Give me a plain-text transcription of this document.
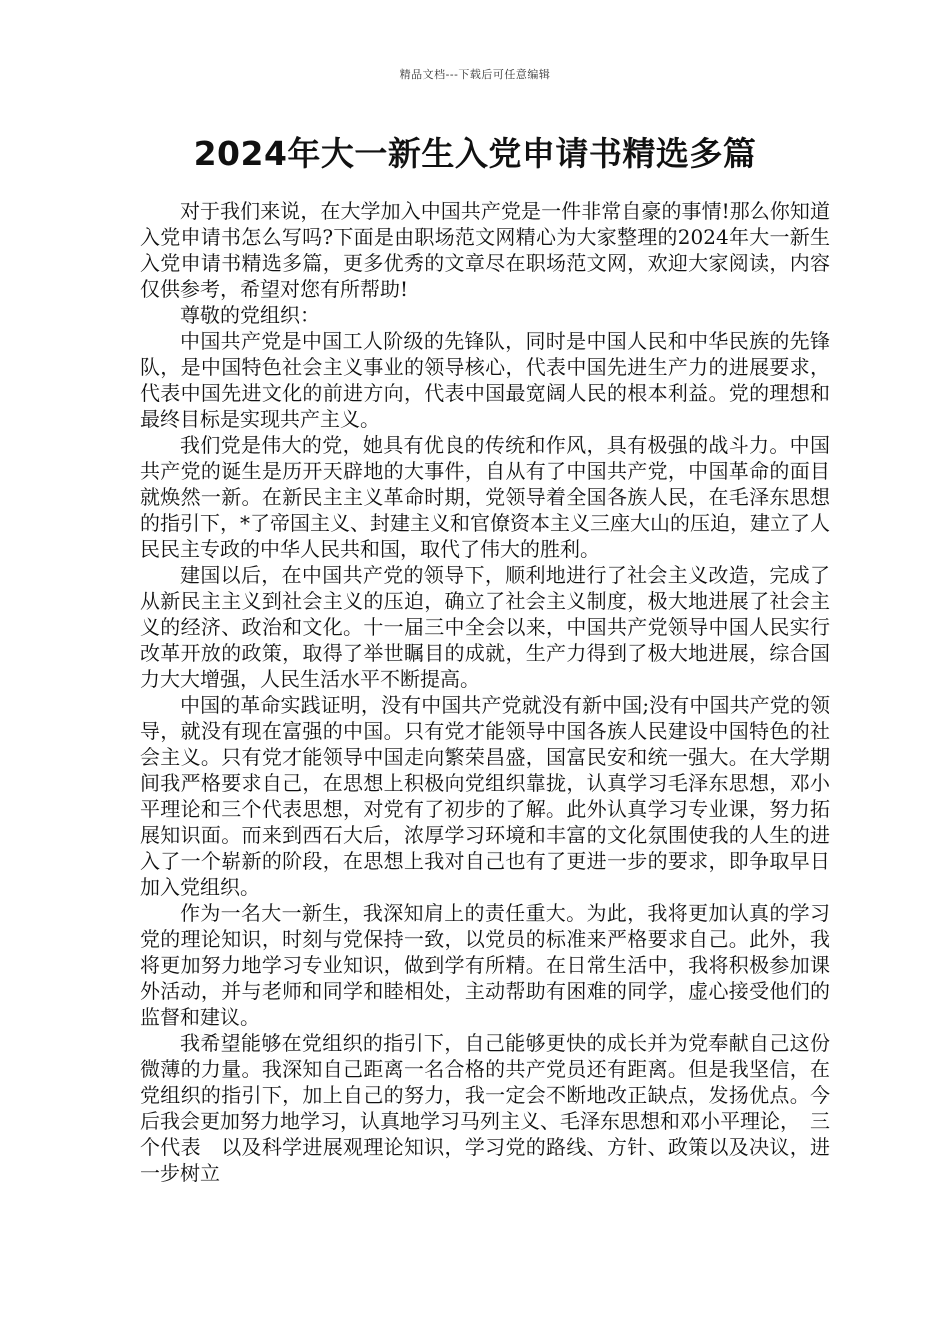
精品文档---下载后可任意编辑
2024年大一新生入党申请书精选多篇

对于我们来说，在大学加入中国共产党是一件非常自豪的事情!那么你知道入党申请书怎么写吗?下面是由职场范文网精心为大家整理的2024年大一新生入党申请书精选多篇，更多优秀的文章尽在职场范文网，欢迎大家阅读，内容仅供参考，希望对您有所帮助!

尊敬的党组织：

中国共产党是中国工人阶级的先锋队，同时是中国人民和中华民族的先锋队，是中国特色社会主义事业的领导核心，代表中国先进生产力的进展要求，代表中国先进文化的前进方向，代表中国最宽阔人民的根本利益。党的理想和最终目标是实现共产主义。

我们党是伟大的党，她具有优良的传统和作风，具有极强的战斗力。中国共产党的诞生是历开天辟地的大事件，自从有了中国共产党，中国革命的面目就焕然一新。在新民主主义革命时期，党领导着全国各族人民，在毛泽东思想的指引下，*了帝国主义、封建主义和官僚资本主义三座大山的压迫，建立了人民民主专政的中华人民共和国，取代了伟大的胜利。

建国以后，在中国共产党的领导下，顺利地进行了社会主义改造，完成了从新民主主义到社会主义的压迫，确立了社会主义制度，极大地进展了社会主义的经济、政治和文化。十一届三中全会以来，中国共产党领导中国人民实行改革开放的政策，取得了举世瞩目的成就，生产力得到了极大地进展，综合国力大大增强，人民生活水平不断提高。

中国的革命实践证明，没有中国共产党就没有新中国;没有中国共产党的领导，就没有现在富强的中国。只有党才能领导中国各族人民建设中国特色的社会主义。只有党才能领导中国走向繁荣昌盛，国富民安和统一强大。在大学期间我严格要求自己，在思想上积极向党组织靠拢，认真学习毛泽东思想，邓小平理论和三个代表思想，对党有了初步的了解。此外认真学习专业课，努力拓展知识面。而来到西石大后，浓厚学习环境和丰富的文化氛围使我的人生的进入了一个崭新的阶段，在思想上我对自己也有了更进一步的要求，即争取早日加入党组织。

作为一名大一新生，我深知肩上的责任重大。为此，我将更加认真的学习党的理论知识，时刻与党保持一致，以党员的标准来严格要求自己。此外，我将更加努力地学习专业知识，做到学有所精。在日常生活中，我将积极参加课外活动，并与老师和同学和睦相处，主动帮助有困难的同学，虚心接受他们的监督和建议。

我希望能够在党组织的指引下，自己能够更快的成长并为党奉献自己这份微薄的力量。我深知自己距离一名合格的共产党员还有距离。但是我坚信，在党组织的指引下，加上自己的努力，我一定会不断地改正缺点，发扬优点。今后我会更加努力地学习，认真地学习马列主义、毛泽东思想和邓小平理论，　三个代表　以及科学进展观理论知识，学习党的路线、方针、政策以及决议，进一步树立
